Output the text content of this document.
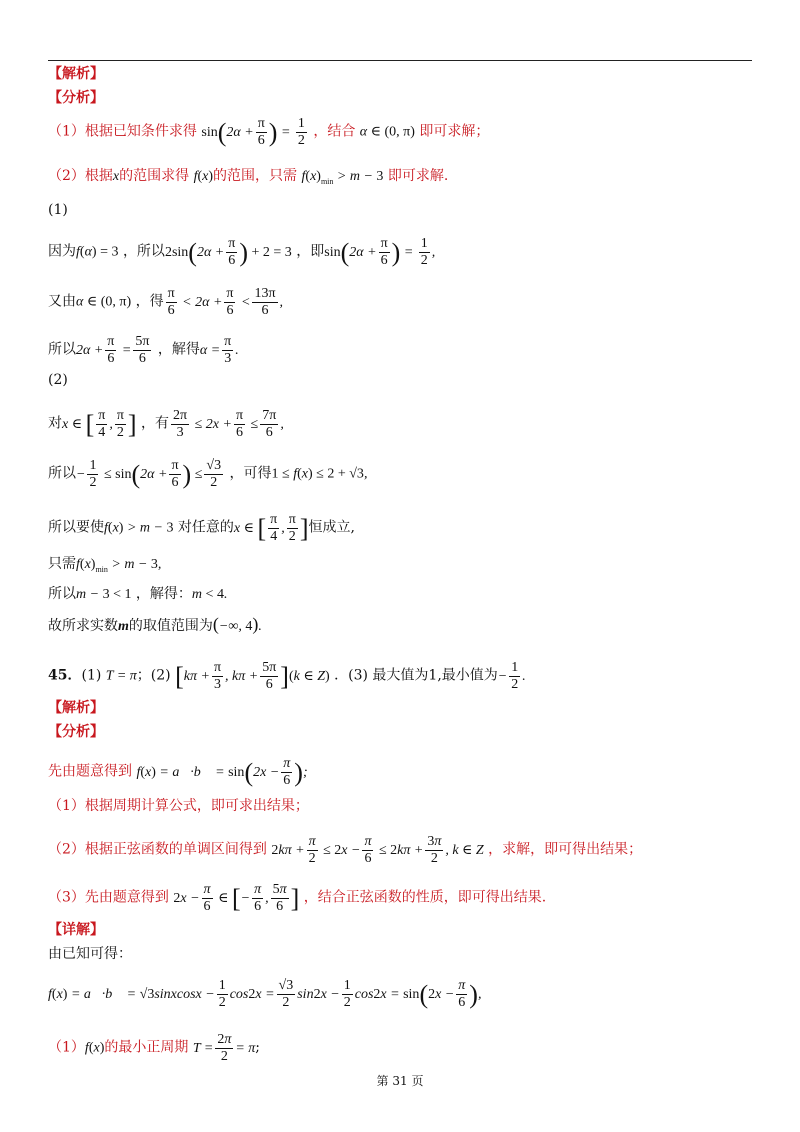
【解析】
【分析】
（1）根据已知条件求得 $\sin(2\alpha + \frac{\pi}{6}$ ) = $\frac{1}{2}$ ，结合 α ∈ (0, π) 即可求解；
（2）根据x的范围求得 f(x)的范围，只需 $f(x)_{min} > m - 3$ 即可求解.
(1)
因为f(α) = 3 ，所以$2\sin(2\alpha + \frac{\pi}{6}$ ) + 2 = 3 ，即$\sin(2\alpha + \frac{\pi}{6}$ ) = $\frac{1}{2}$ ,
又由α ∈ (0, π) ，得 $\frac{\pi}{6} < 2\alpha + \frac{\pi}{6} < \frac{13\pi}{6}$ ,
所以$2\alpha + \frac{\pi}{6} = \frac{5\pi}{6}$ ，解得$\alpha = \frac{\pi}{3}$ .
(2)
对x ∈ [ $\frac{\pi}{4}$ , $\frac{\pi}{2}$ ] ，有 $\frac{2\pi}{3} \le 2x + \frac{\pi}{6} \le \frac{7\pi}{6}$ ,
所以− $\frac{1}{2} \le \sin(2\alpha + \frac{\pi}{6}$ ) ≤ $\frac{√3}{2}$ ，可得1 ≤ f(x) ≤ 2 + √3,
所以要使f(x) > m − 3 对任意的x ∈ [ $\frac{\pi}{4}$ , $\frac{\pi}{2}$ ]恒成立,
只需$f(x)_{min} > m - 3$,
所以m − 3 < 1 ，解得：m < 4.
故所求实数m的取值范围为(−∞, 4).
45．(1) T = π；(2) [$k\pi + \frac{\pi}{3}$ , $k\pi + \frac{5\pi}{6} ](k$ ∈ Z) ．(3) 最大值为1,最小值为− $\frac{1}{2}$ .
【解析】
【分析】
先由题意得到 f(x) = a⃗·b⃗ = $\sin(2x - \frac{\pi}{6}$ );
（1）根据周期计算公式，即可求出结果；
（2）根据正弦函数的单调区间得到 $2k\pi + \frac{\pi}{2} \le 2x - \frac{\pi}{6} \le 2k\pi + \frac{3\pi}{2}$ , k ∈ Z ，求解，即可得出结果；
（3）先由题意得到 $2x - \frac{\pi}{6}$ ∈ [− $\frac{\pi}{6}$ , $\frac{5\pi}{6}$ ] ，结合正弦函数的性质，即可得出结果.
【详解】
由已知可得：
f(x) = a⃗·b⃗ = √3sinxcosx − $\frac{1}{2} \cos 2x = \frac{√3}{2} \sin 2x - \frac{1}{2} \cos 2x = \sin(2x - \frac{\pi}{6}$ ),
（1）f(x)的最小正周期 $T = \frac{2\pi}{2} = \pi$;
第 31 页
